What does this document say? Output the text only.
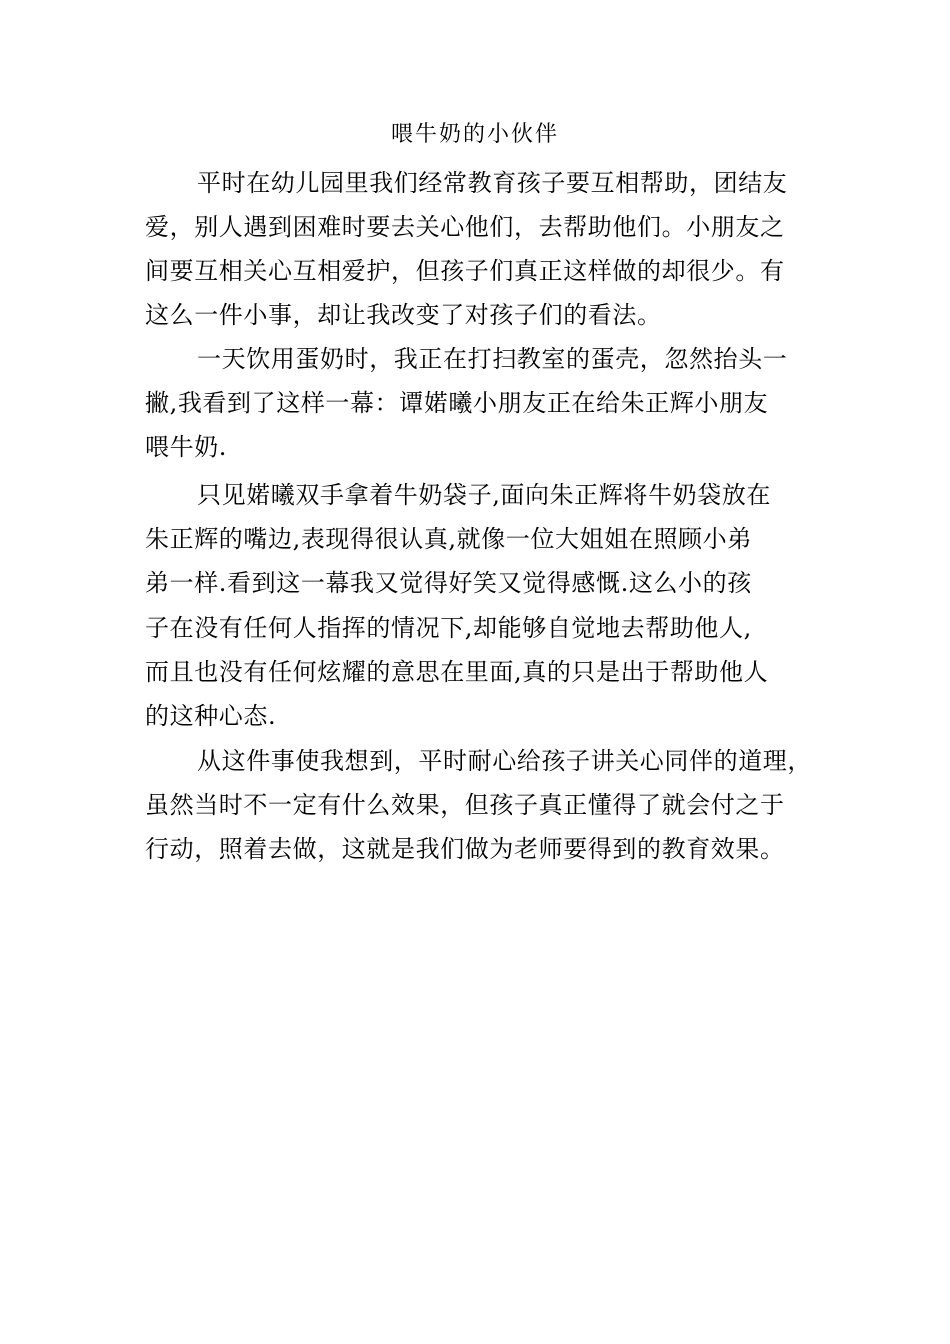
喂牛奶的小伙伴
平时在幼儿园里我们经常教育孩子要互相帮助，团结友
爱，别人遇到困难时要去关心他们，去帮助他们。小朋友之
间要互相关心互相爱护，但孩子们真正这样做的却很少。有
这么一件小事，却让我改变了对孩子们的看法。
一天饮用蛋奶时，我正在打扫教室的蛋壳，忽然抬头一
撇,我看到了这样一幕：谭婼曦小朋友正在给朱正辉小朋友
喂牛奶.
只见婼曦双手拿着牛奶袋子,面向朱正辉将牛奶袋放在
朱正辉的嘴边,表现得很认真,就像一位大姐姐在照顾小弟
弟一样.看到这一幕我又觉得好笑又觉得感慨.这么小的孩
子在没有任何人指挥的情况下,却能够自觉地去帮助他人,
而且也没有任何炫耀的意思在里面,真的只是出于帮助他人
的这种心态.
从这件事使我想到，平时耐心给孩子讲关心同伴的道理，
虽然当时不一定有什么效果，但孩子真正懂得了就会付之于
行动，照着去做，这就是我们做为老师要得到的教育效果。
